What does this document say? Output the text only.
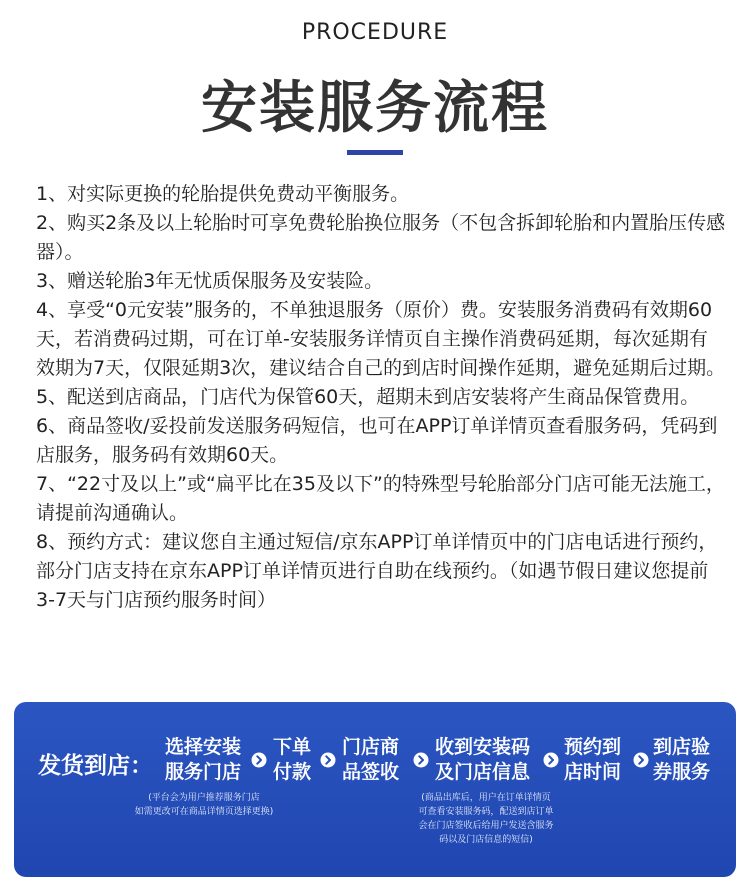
PROCEDURE
安装服务流程

1、对实际更换的轮胎提供免费动平衡服务。

2、购买2条及以上轮胎时可享免费轮胎换位服务（不包含拆卸轮胎和内置胎压传感器）。

3、赠送轮胎3年无忧质保服务及安装险。

4、享受“0元安装”服务的，不单独退服务（原价）费。安装服务消费码有效期60天，若消费码过期，可在订单-安装服务详情页自主操作消费码延期，每次延期有效期为7天，仅限延期3次，建议结合自己的到店时间操作延期，避免延期后过期。

5、配送到店商品，门店代为保管60天，超期未到店安装将产生商品保管费用。

6、商品签收/妥投前发送服务码短信，也可在APP订单详情页查看服务码，凭码到店服务，服务码有效期60天。

7、“22寸及以上”或“扁平比在35及以下”的特殊型号轮胎部分门店可能无法施工，请提前沟通确认。

8、预约方式：建议您自主通过短信/京东APP订单详情页中的门店电话进行预约，部分门店支持在京东APP订单详情页进行自助在线预约。（如遇节假日建议您提前3-7天与门店预约服务时间）

发货到店：
选择安装
服务门店
下单
付款
门店商
品签收
收到安装码
及门店信息
预约到
店时间
到店验
券服务
(平台会为用户推荐服务门店
如需更改可在商品详情页选择更换)
(商品出库后，用户在订单详情页
可查看安装服务码，配送到店订单
会在门店签收后给用户发送含服务
码以及门店信息的短信)
